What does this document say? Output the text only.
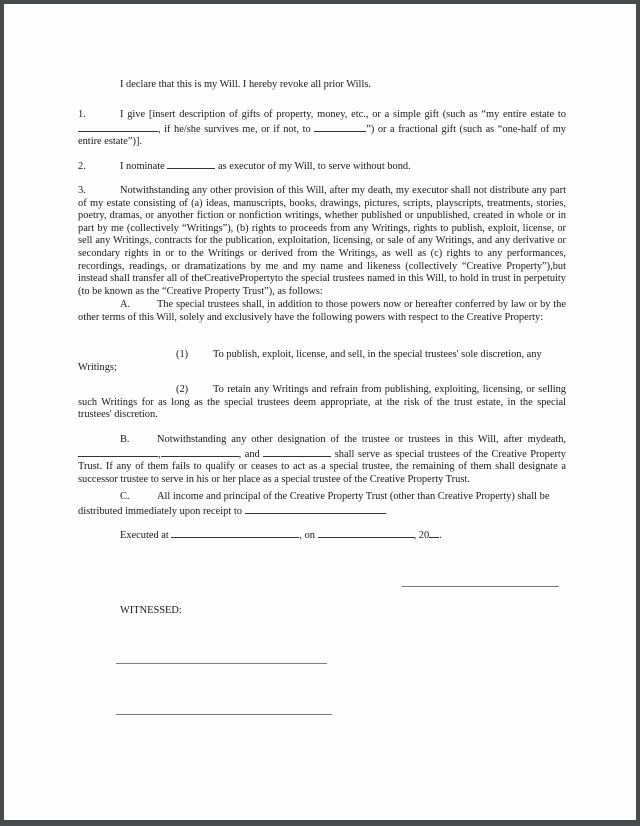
I declare that this is my Will. I hereby revoke all prior Wills.

1.	I give [insert description of gifts of property, money, etc., or a simple gift (such as “my entire estate to , if he/she survives me, or if not, to	”) or a fractional gift (such as “one-half of my entire estate”)].

2.	I nominate	as executor of my Will, to serve without bond.

3.	Notwithstanding any other provision of this Will, after my death, my executor shall not distribute any part of my estate consisting of (a) ideas, manuscripts, books, drawings, pictures, scripts, playscripts, treatments, stories, poetry, dramas, or anyother fiction or nonfiction writings, whether published or unpublished, created in whole or in part by me (collectively “Writings”), (b) rights to proceeds from any Writings, rights to publish, exploit, license, or sell any Writings, contracts for the publication, exploitation, licensing, or sale of any Writings, and any derivative or secondary rights in or to the Writings or derived from the Writings, as well as (c) rights to any performances, recordings, readings, or dramatizations by me and my name and likeness (collectively “Creative Property”),but instead shall transfer all of theCreativePropertyto the special trustees named in this Will, to hold in trust in perpetuity (to be known as the “Creative Property Trust”), as follows:

A.	The special trustees shall, in addition to those powers now or hereafter conferred by law or by the other terms of this Will, solely and exclusively have the following powers with respect to the Creative Property:

(1) To publish, exploit, license, and sell, in the special trustees' sole discretion, any Writings;

(2) To retain any Writings and refrain from publishing, exploiting, licensing, or selling such Writings for as long as the special trustees deem appropriate, at the risk of the trust estate, in the special trustees' discretion.

B.	Notwithstanding any other designation of the trustee or trustees in this Will, after mydeath, ,	, and	shall serve as special trustees of the Creative Property Trust. If any of them fails to qualify or ceases to act as a special trustee, the remaining of them shall designate a successor trustee to serve in his or her place as a special trustee of the Creative Property Trust.

C.	All income and principal of the Creative Property Trust (other than Creative Property) shall be distributed immediately upon receipt to	.

Executed at	, on	, 20 .

WITNESSED:
